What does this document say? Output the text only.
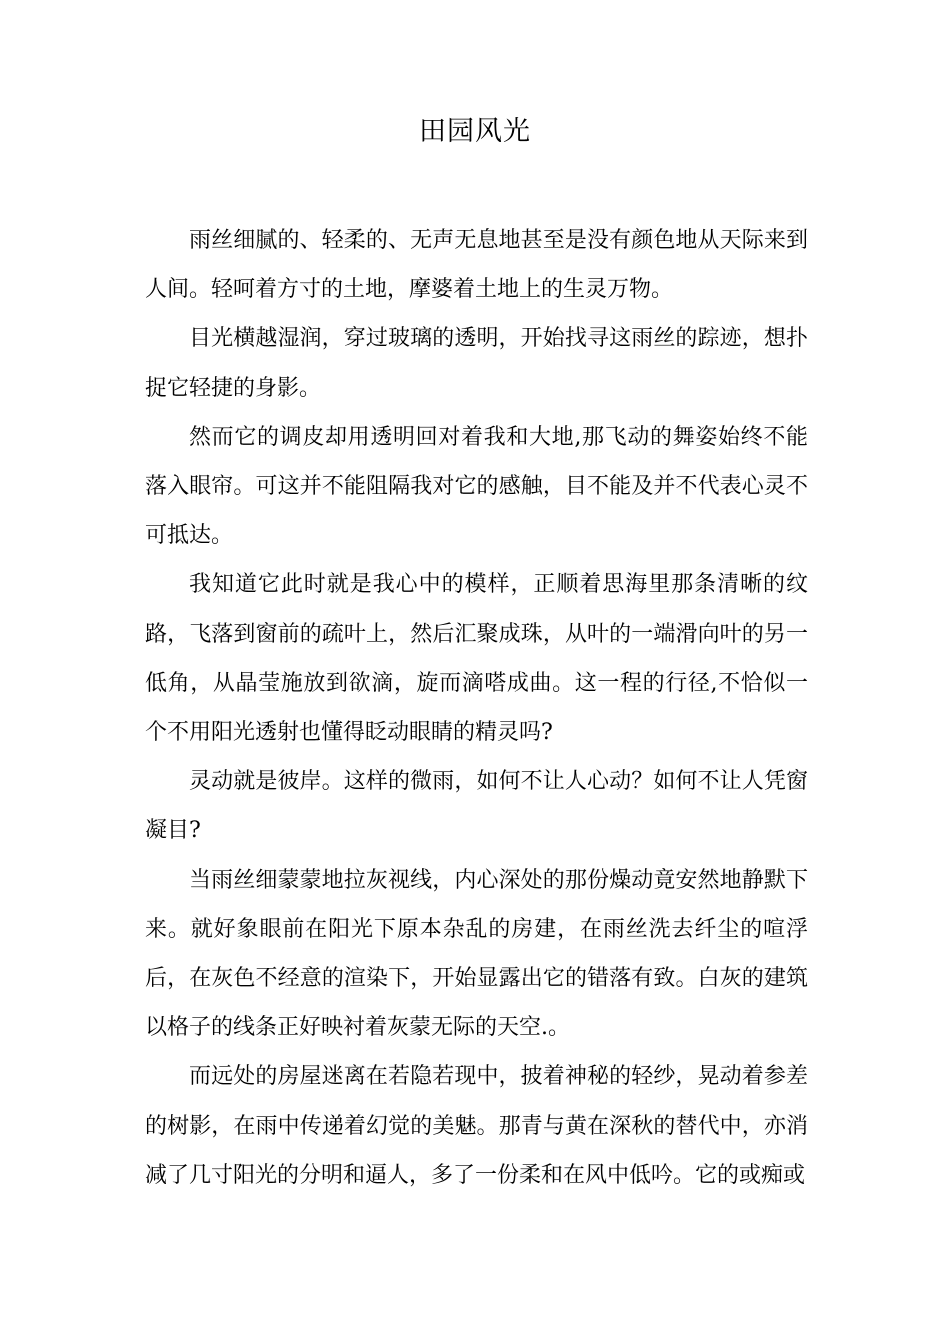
田园风光

雨丝细腻的、轻柔的、无声无息地甚至是没有颜色地从天际来到人间。轻呵着方寸的土地，摩婆着土地上的生灵万物。

目光横越湿润，穿过玻璃的透明，开始找寻这雨丝的踪迹，想扑捉它轻捷的身影。

然而它的调皮却用透明回对着我和大地,那飞动的舞姿始终不能落入眼帘。可这并不能阻隔我对它的感触，目不能及并不代表心灵不可抵达。

我知道它此时就是我心中的模样，正顺着思海里那条清晰的纹路，飞落到窗前的疏叶上，然后汇聚成珠，从叶的一端滑向叶的另一低角，从晶莹施放到欲滴，旋而滴嗒成曲。这一程的行径,不恰似一个不用阳光透射也懂得眨动眼睛的精灵吗?

灵动就是彼岸。这样的微雨，如何不让人心动？如何不让人凭窗凝目?

当雨丝细蒙蒙地拉灰视线，内心深处的那份燥动竟安然地静默下来。就好象眼前在阳光下原本杂乱的房建，在雨丝洗去纤尘的喧浮后，在灰色不经意的渲染下，开始显露出它的错落有致。白灰的建筑以格子的线条正好映衬着灰蒙无际的天空.。

而远处的房屋迷离在若隐若现中，披着神秘的轻纱，晃动着参差的树影，在雨中传递着幻觉的美魅。那青与黄在深秋的替代中，亦消减了几寸阳光的分明和逼人，多了一份柔和在风中低吟。它的或痴或
